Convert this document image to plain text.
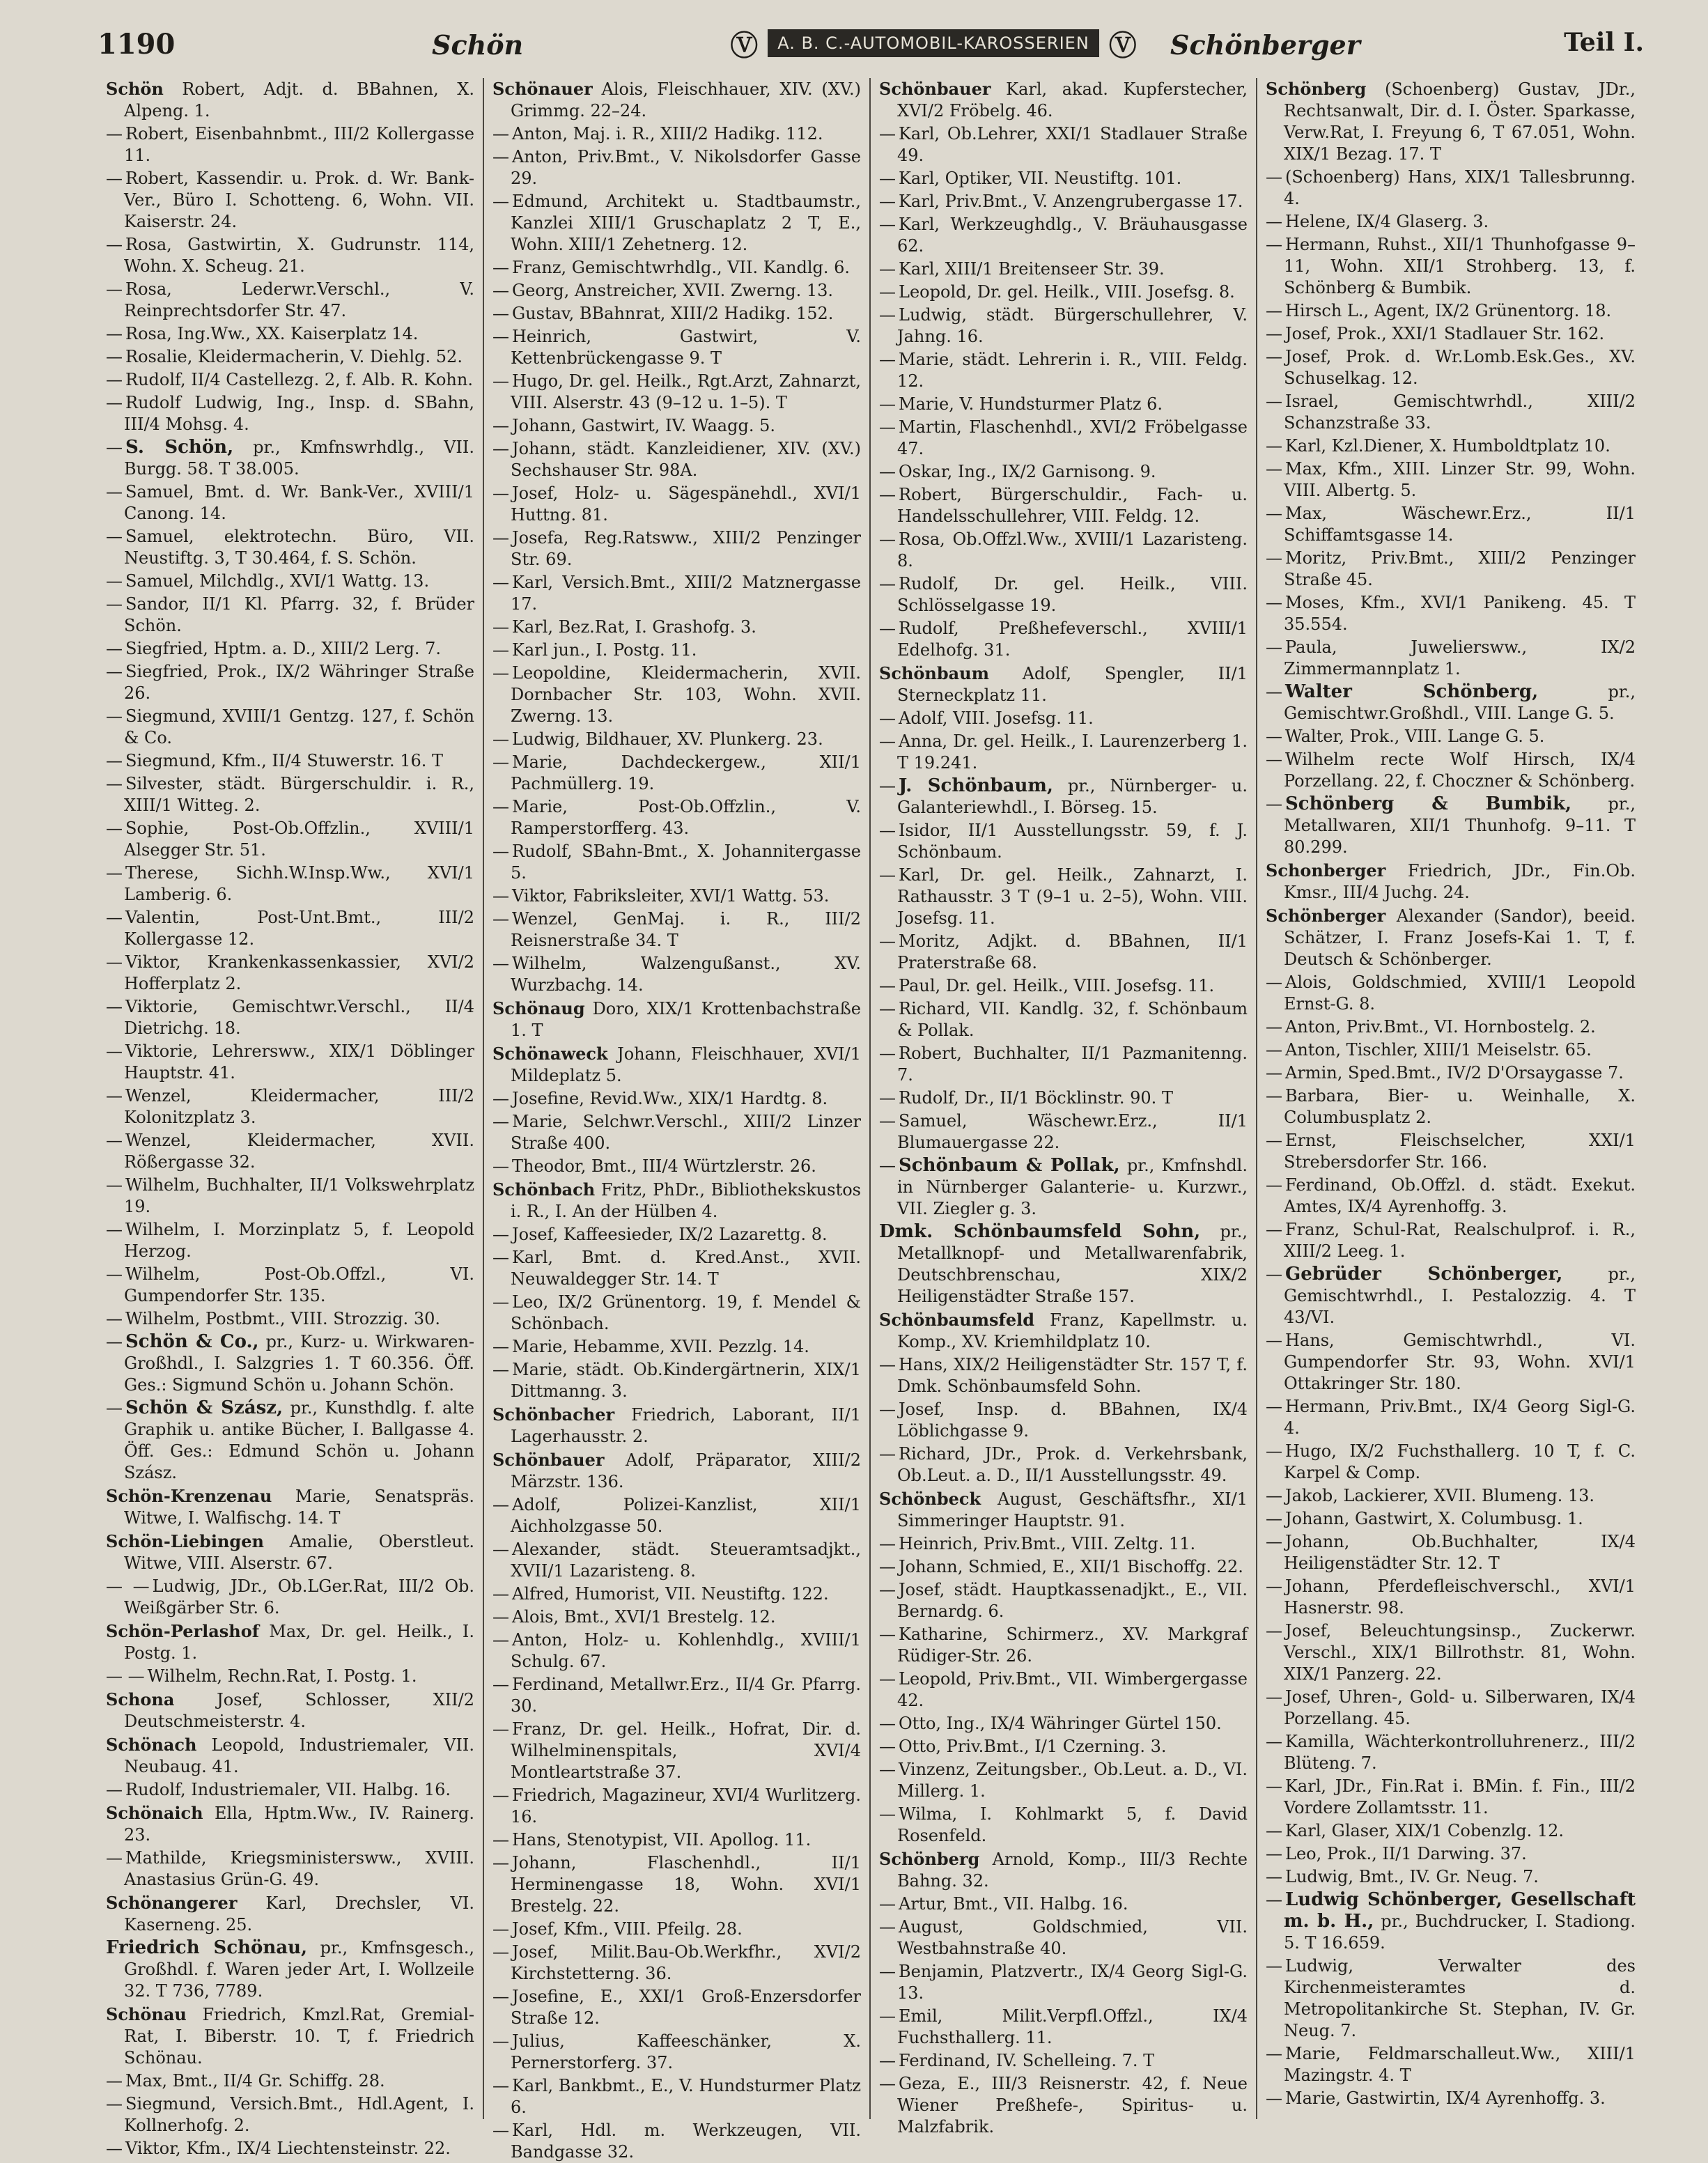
1190	Schön	Ⓥ	A. B. C.-AUTOMOBIL-KAROSSERIEN Ⓥ Schönberger	Teil I.

Schön Robert, Adjt. d. BBahnen, X. Alpeng. 1.

— Robert, Eisenbahnbmt., III/2 Kollergasse 11.

— Robert, Kassendir. u. Prok. d. Wr. Bank-Ver., Büro I. Schotteng. 6, Wohn. VII. Kaiserstr. 24.

— Rosa, Gastwirtin, X. Gudrunstr. 114, Wohn. X. Scheug. 21.

— Rosa, Lederwr.Verschl., V. Reinprechtsdorfer Str. 47.

— Rosa, Ing.Ww., XX. Kaiserplatz 14.

— Rosalie, Kleidermacherin, V. Diehlg. 52.

— Rudolf, II/4 Castellezg. 2, f. Alb. R. Kohn.

— Rudolf Ludwig, Ing., Insp. d. SBahn, III/4 Mohsg. 4.

— S. Schön, pr., Kmfnswrhdlg., VII. Burgg. 58. T 38.005.

— Samuel, Bmt. d. Wr. Bank-Ver., XVIII/1 Canong. 14.

— Samuel, elektrotechn. Büro, VII. Neustiftg. 3, T 30.464, f. S. Schön.

— Samuel, Milchdlg., XVI/1 Wattg. 13.

— Sandor, II/1 Kl. Pfarrg. 32, f. Brüder Schön.

— Siegfried, Hptm. a. D., XIII/2 Lerg. 7.

— Siegfried, Prok., IX/2 Währinger Straße 26.

— Siegmund, XVIII/1 Gentzg. 127, f. Schön & Co.

— Siegmund, Kfm., II/4 Stuwerstr. 16. T

— Silvester, städt. Bürgerschuldir. i. R., XIII/1 Witteg. 2.

— Sophie, Post-Ob.Offzlin., XVIII/1 Alsegger Str. 51.

— Therese, Sichh.W.Insp.Ww., XVI/1 Lamberig. 6.

— Valentin, Post-Unt.Bmt., III/2 Kollergasse 12.

— Viktor, Krankenkassenkassier, XVI/2 Hofferplatz 2.

— Viktorie, Gemischtwr.Verschl., II/4 Dietrichg. 18.

— Viktorie, Lehrersww., XIX/1 Döblinger Hauptstr. 41.

— Wenzel, Kleidermacher, III/2 Kolonitzplatz 3.

— Wenzel, Kleidermacher, XVII. Rößergasse 32.

— Wilhelm, Buchhalter, II/1 Volkswehrplatz 19.

— Wilhelm, I. Morzinplatz 5, f. Leopold Herzog.

— Wilhelm, Post-Ob.Offzl., VI. Gumpendorfer Str. 135.

— Wilhelm, Postbmt., VIII. Strozzig. 30.

— Schön & Co., pr., Kurz- u. Wirkwaren-Großhdl., I. Salzgries 1. T 60.356. Öff. Ges.: Sigmund Schön u. Johann Schön.

— Schön & Szász, pr., Kunsthdlg. f. alte Graphik u. antike Bücher, I. Ballgasse 4. Öff. Ges.: Edmund Schön u. Johann Szász.

Schön-Krenzenau Marie, Senatspräs. Witwe, I. Walfischg. 14. T

Schön-Liebingen Amalie, Oberstleut. Witwe, VIII. Alserstr. 67.

— — Ludwig, JDr., Ob.LGer.Rat, III/2 Ob. Weißgärber Str. 6.

Schön-Perlashof Max, Dr. gel. Heilk., I. Postg. 1.

— — Wilhelm, Rechn.Rat, I. Postg. 1.

Schona	Josef, Schlosser, XII/2 Deutschmeisterstr. 4.

Schönach Leopold, Industriemaler, VII. Neubaug. 41.

— Rudolf, Industriemaler, VII. Halbg. 16.

Schönaich Ella, Hptm.Ww., IV. Rainerg. 23.

— Mathilde, Kriegsministersww., XVIII. Anastasius Grün-G. 49.

Schönangerer Karl, Drechsler, VI. Kaserneng. 25.

Friedrich Schönau, pr., Kmfnsgesch., Großhdl. f. Waren jeder Art, I. Wollzeile 32. T 736, 7789.

Schönau Friedrich, Kmzl.Rat, Gremial-Rat, I. Biberstr. 10. T, f. Friedrich Schönau.

— Max, Bmt., II/4 Gr. Schiffg. 28.

— Siegmund, Versich.Bmt., Hdl.Agent, I. Kollnerhofg. 2.

— Viktor, Kfm., IX/4 Liechtensteinstr. 22.

Schönauer Alois, Fleischhauer, XIV. (XV.) Grimmg. 22–24.

— Anton, Maj. i. R., XIII/2 Hadikg. 112.

— Anton, Priv.Bmt., V. Nikolsdorfer Gasse 29.

— Edmund, Architekt u. Stadtbaumstr., Kanzlei XIII/1 Gruschaplatz 2 T, E., Wohn. XIII/1 Zehetnerg. 12.

— Franz, Gemischtwrhdlg., VII. Kandlg. 6.

— Georg, Anstreicher, XVII. Zwerng. 13.

— Gustav, BBahnrat, XIII/2 Hadikg. 152.

— Heinrich, Gastwirt, V. Kettenbrückengasse 9. T

— Hugo, Dr. gel. Heilk., Rgt.Arzt, Zahnarzt, VIII. Alserstr. 43 (9–12 u. 1–5). T

— Johann, Gastwirt, IV. Waagg. 5.

— Johann, städt. Kanzleidiener, XIV. (XV.) Sechshauser Str. 98A.

— Josef, Holz- u. Sägespänehdl., XVI/1 Huttng. 81.

— Josefa, Reg.Ratsww., XIII/2 Penzinger Str. 69.

— Karl, Versich.Bmt., XIII/2 Matznergasse 17.

— Karl, Bez.Rat, I. Grashofg. 3.

— Karl jun., I. Postg. 11.

— Leopoldine, Kleidermacherin, XVII. Dornbacher Str. 103, Wohn. XVII. Zwerng. 13.

— Ludwig, Bildhauer, XV. Plunkerg. 23.

— Marie, Dachdeckergew., XII/1 Pachmüllerg. 19.

— Marie, Post-Ob.Offzlin., V. Ramperstorfferg. 43.

— Rudolf, SBahn-Bmt., X. Johannitergasse 5.

— Viktor, Fabriksleiter, XVI/1 Wattg. 53.

— Wenzel, GenMaj. i. R., III/2 Reisnerstraße 34. T

— Wilhelm, Walzengußanst., XV. Wurzbachg. 14.

Schönaug Doro, XIX/1 Krottenbachstraße 1. T

Schönaweck Johann, Fleischhauer, XVI/1 Mildeplatz 5.

— Josefine, Revid.Ww., XIX/1 Hardtg. 8.

— Marie, Selchwr.Verschl., XIII/2 Linzer Straße 400.

— Theodor, Bmt., III/4 Würtzlerstr. 26.

Schönbach Fritz, PhDr., Bibliothekskustos i. R., I. An der Hülben 4.

— Josef, Kaffeesieder, IX/2 Lazarettg. 8.

— Karl, Bmt. d. Kred.Anst., XVII. Neuwaldegger Str. 14. T

— Leo, IX/2 Grünentorg. 19, f. Mendel & Schönbach.

— Marie, Hebamme, XVII. Pezzlg. 14.

— Marie, städt. Ob.Kindergärtnerin, XIX/1 Dittmanng. 3.

Schönbacher Friedrich, Laborant, II/1 Lagerhausstr. 2.

Schönbauer Adolf, Präparator, XIII/2 Märzstr. 136.

— Adolf, Polizei-Kanzlist, XII/1 Aichholzgasse 50.

— Alexander, städt. Steueramtsadjkt., XVII/1 Lazaristeng. 8.

— Alfred, Humorist, VII. Neustiftg. 122.

— Alois, Bmt., XVI/1 Brestelg. 12.

— Anton, Holz- u. Kohlenhdlg., XVIII/1 Schulg. 67.

— Ferdinand, Metallwr.Erz., II/4 Gr. Pfarrg. 30.

— Franz, Dr. gel. Heilk., Hofrat, Dir. d. Wilhelminenspitals, XVI/4 Montleartstraße 37.

— Friedrich, Magazineur, XVI/4 Wurlitzerg. 16.

— Hans, Stenotypist, VII. Apollog. 11.

— Johann, Flaschenhdl., II/1 Herminengasse 18, Wohn. XVI/1 Brestelg. 22.

— Josef, Kfm., VIII. Pfeilg. 28.

— Josef, Milit.Bau-Ob.Werkfhr., XVI/2 Kirchstetterng. 36.

— Josefine, E., XXI/1 Groß-Enzersdorfer Straße 12.

— Julius, Kaffeeschänker, X. Pernerstorferg. 37.

— Karl, Bankbmt., E., V. Hundsturmer Platz 6.

— Karl, Hdl. m. Werkzeugen, VII. Bandgasse 32.

Schönbauer Karl, akad. Kupferstecher, XVI/2 Fröbelg. 46.

— Karl, Ob.Lehrer, XXI/1 Stadlauer Straße 49.

— Karl, Optiker, VII. Neustiftg. 101.

— Karl, Priv.Bmt., V. Anzengrubergasse 17.

— Karl, Werkzeughdlg., V. Bräuhausgasse 62.

— Karl, XIII/1 Breitenseer Str. 39.

— Leopold, Dr. gel. Heilk., VIII. Josefsg. 8.

— Ludwig, städt. Bürgerschullehrer, V. Jahng. 16.

— Marie, städt. Lehrerin i. R., VIII. Feldg. 12.

— Marie, V. Hundsturmer Platz 6.

— Martin, Flaschenhdl., XVI/2 Fröbelgasse 47.

— Oskar, Ing., IX/2 Garnisong. 9.

— Robert, Bürgerschuldir., Fach- u. Handelsschullehrer, VIII. Feldg. 12.

— Rosa, Ob.Offzl.Ww., XVIII/1 Lazaristeng. 8.

— Rudolf, Dr. gel. Heilk., VIII. Schlösselgasse 19.

— Rudolf, Preßhefeverschl., XVIII/1 Edelhofg. 31.

Schönbaum Adolf, Spengler, II/1 Sterneckplatz 11.

— Adolf, VIII. Josefsg. 11.

— Anna, Dr. gel. Heilk., I. Laurenzerberg 1. T 19.241.

— J. Schönbaum, pr., Nürnberger- u. Galanteriewhdl., I. Börseg. 15.

— Isidor, II/1 Ausstellungsstr. 59, f. J. Schönbaum.

— Karl, Dr. gel. Heilk., Zahnarzt, I. Rathausstr. 3 T (9–1 u. 2–5), Wohn. VIII. Josefsg. 11.

— Moritz, Adjkt. d. BBahnen, II/1 Praterstraße 68.

— Paul, Dr. gel. Heilk., VIII. Josefsg. 11.

— Richard, VII. Kandlg. 32, f. Schönbaum & Pollak.

— Robert, Buchhalter, II/1 Pazmanitenng. 7.

— Rudolf, Dr., II/1 Böcklinstr. 90. T

— Samuel, Wäschewr.Erz., II/1 Blumauergasse 22.

— Schönbaum & Pollak, pr., Kmfnshdl. in Nürnberger Galanterie- u. Kurzwr., VII. Ziegler g. 3.

Dmk. Schönbaumsfeld Sohn, pr., Metallknopf- und Metallwarenfabrik, Deutschbrenschau, XIX/2 Heiligenstädter Straße 157.

Schönbaumsfeld Franz, Kapellmstr. u. Komp., XV. Kriemhildplatz 10.

— Hans, XIX/2 Heiligenstädter Str. 157 T, f. Dmk. Schönbaumsfeld Sohn.

— Josef, Insp. d. BBahnen, IX/4 Löblichgasse 9.

— Richard, JDr., Prok. d. Verkehrsbank, Ob.Leut. a. D., II/1 Ausstellungsstr. 49.

Schönbeck August, Geschäftsfhr., XI/1 Simmeringer Hauptstr. 91.

— Heinrich, Priv.Bmt., VIII. Zeltg. 11.

— Johann, Schmied, E., XII/1 Bischoffg. 22.

— Josef, städt. Hauptkassenadjkt., E., VII. Bernardg. 6.

— Katharine, Schirmerz., XV. Markgraf Rüdiger-Str. 26.

— Leopold, Priv.Bmt., VII. Wimbergergasse 42.

— Otto, Ing., IX/4 Währinger Gürtel 150.

— Otto, Priv.Bmt., I/1 Czerning. 3.

— Vinzenz, Zeitungsber., Ob.Leut. a. D., VI. Millerg. 1.

— Wilma, I. Kohlmarkt 5, f. David Rosenfeld.

Schönberg Arnold, Komp., III/3 Rechte Bahng. 32.

— Artur, Bmt., VII. Halbg. 16.

— August, Goldschmied, VII. Westbahnstraße 40.

— Benjamin, Platzvertr., IX/4 Georg Sigl-G. 13.

— Emil, Milit.Verpfl.Offzl., IX/4 Fuchsthallerg. 11.

— Ferdinand, IV. Schelleing. 7. T

— Geza, E., III/3 Reisnerstr. 42, f. Neue Wiener Preßhefe-, Spiritus- u. Malzfabrik.

Schönberg (Schoenberg) Gustav, JDr., Rechtsanwalt, Dir. d. I. Öster. Sparkasse, Verw.Rat, I. Freyung 6, T 67.051, Wohn. XIX/1 Bezag. 17. T

— (Schoenberg) Hans, XIX/1 Tallesbrunng. 4.

— Helene, IX/4 Glaserg. 3.

— Hermann, Ruhst., XII/1 Thunhofgasse 9–11, Wohn. XII/1 Strohberg. 13, f. Schönberg & Bumbik.

— Hirsch L., Agent, IX/2 Grünentorg. 18.

— Josef, Prok., XXI/1 Stadlauer Str. 162.

— Josef, Prok. d. Wr.Lomb.Esk.Ges., XV. Schuselkag. 12.

— Israel, Gemischtwrhdl., XIII/2 Schanzstraße 33.

— Karl, Kzl.Diener, X. Humboldtplatz 10.

— Max, Kfm., XIII. Linzer Str. 99, Wohn. VIII. Albertg. 5.

— Max, Wäschewr.Erz., II/1 Schiffamtsgasse 14.

— Moritz, Priv.Bmt., XIII/2 Penzinger Straße 45.

— Moses, Kfm., XVI/1 Panikeng. 45. T 35.554.

— Paula, Juweliersww., IX/2 Zimmermannplatz 1.

— Walter Schönberg,	pr., Gemischtwr.Großhdl., VIII. Lange G. 5.

— Walter, Prok., VIII. Lange G. 5.

— Wilhelm recte Wolf Hirsch, IX/4 Porzellang. 22, f. Choczner & Schönberg.

— Schönberg & Bumbik, pr., Metallwaren, XII/1 Thunhofg. 9–11. T 80.299.

Schonberger Friedrich, JDr., Fin.Ob. Kmsr., III/4 Juchg. 24.

Schönberger Alexander (Sandor), beeid. Schätzer, I. Franz Josefs-Kai 1. T, f. Deutsch & Schönberger.

— Alois, Goldschmied, XVIII/1 Leopold Ernst-G. 8.

— Anton, Priv.Bmt., VI. Hornbostelg. 2.

— Anton, Tischler, XIII/1 Meiselstr. 65.

— Armin, Sped.Bmt., IV/2 D'Orsaygasse 7.

— Barbara, Bier- u. Weinhalle, X. Columbusplatz 2.

— Ernst, Fleischselcher, XXI/1 Strebersdorfer Str. 166.

— Ferdinand, Ob.Offzl. d. städt. Exekut. Amtes, IX/4 Ayrenhoffg. 3.

— Franz, Schul-Rat, Realschulprof. i. R., XIII/2 Leeg. 1.

— Gebrüder Schönberger,	pr., Gemischtwrhdl., I. Pestalozzig. 4. T 43/VI.

— Hans, Gemischtwrhdl., VI. Gumpendorfer Str. 93, Wohn. XVI/1 Ottakringer Str. 180.

— Hermann, Priv.Bmt., IX/4 Georg Sigl-G. 4.

— Hugo, IX/2 Fuchsthallerg. 10 T, f. C. Karpel & Comp.

— Jakob, Lackierer, XVII. Blumeng. 13.

— Johann, Gastwirt, X. Columbusg. 1.

— Johann, Ob.Buchhalter, IX/4 Heiligenstädter Str. 12. T

— Johann, Pferdefleischverschl., XVI/1 Hasnerstr. 98.

— Josef, Beleuchtungsinsp., Zuckerwr. Verschl., XIX/1 Billrothstr. 81, Wohn. XIX/1 Panzerg. 22.

— Josef, Uhren-, Gold- u. Silberwaren, IX/4 Porzellang. 45.

— Kamilla, Wächterkontrolluhrenerz., III/2 Blüteng. 7.

— Karl, JDr., Fin.Rat i. BMin. f. Fin., III/2 Vordere Zollamtsstr. 11.

— Karl, Glaser, XIX/1 Cobenzlg. 12.

— Leo, Prok., II/1 Darwing. 37.

— Ludwig, Bmt., IV. Gr. Neug. 7.

— Ludwig Schönberger, Gesellschaft m. b. H., pr., Buchdrucker, I. Stadiong. 5. T 16.659.

— Ludwig, Verwalter des Kirchenmeisteramtes d. Metropolitankirche St. Stephan, IV. Gr. Neug. 7.

— Marie, Feldmarschalleut.Ww., XIII/1 Mazingstr. 4. T

— Marie, Gastwirtin, IX/4 Ayrenhoffg. 3.
